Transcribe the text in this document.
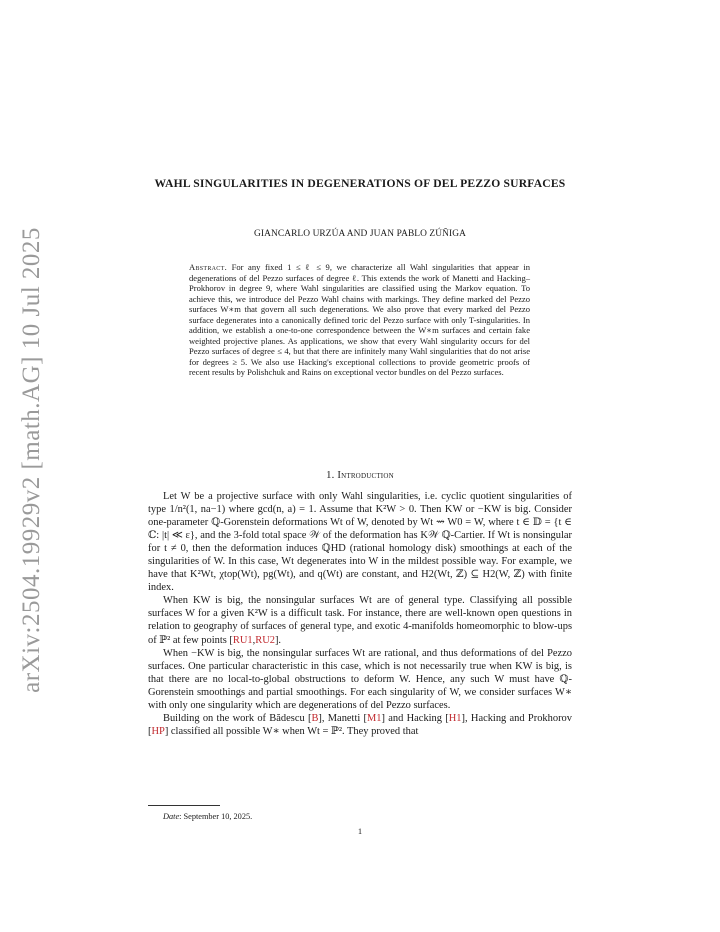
arXiv:2504.19929v2 [math.AG] 10 Jul 2025
WAHL SINGULARITIES IN DEGENERATIONS OF DEL PEZZO SURFACES
GIANCARLO URZÚA AND JUAN PABLO ZÚÑIGA
Abstract. For any fixed 1 ≤ ℓ ≤ 9, we characterize all Wahl singularities that appear in degenerations of del Pezzo surfaces of degree ℓ. This extends the work of Manetti and Hacking–Prokhorov in degree 9, where Wahl singularities are classified using the Markov equation. To achieve this, we introduce del Pezzo Wahl chains with markings. They define marked del Pezzo surfaces W∗m that govern all such degenerations. We also prove that every marked del Pezzo surface degenerates into a canonically defined toric del Pezzo surface with only T-singularities. In addition, we establish a one-to-one correspondence between the W∗m surfaces and certain fake weighted projective planes. As applications, we show that every Wahl singularity occurs for del Pezzo surfaces of degree ≤ 4, but that there are infinitely many Wahl singularities that do not arise for degrees ≥ 5. We also use Hacking's exceptional collections to provide geometric proofs of recent results by Polishchuk and Rains on exceptional vector bundles on del Pezzo surfaces.
1. Introduction

Let W be a projective surface with only Wahl singularities, i.e. cyclic quotient singularities of type 1/n²(1, na−1) where gcd(n, a) = 1. Assume that K²W > 0. Then KW or −KW is big. Consider one-parameter ℚ-Gorenstein deformations Wt of W, denoted by Wt ⇝ W0 = W, where t ∈ 𝔻 = {t ∈ ℂ: |t| ≪ ε}, and the 3-fold total space 𝒲 of the deformation has K𝒲 ℚ-Cartier. If Wt is nonsingular for t ≠ 0, then the deformation induces ℚHD (rational homology disk) smoothings at each of the singularities of W. In this case, Wt degenerates into W in the mildest possible way. For example, we have that K²Wt, χtop(Wt), pg(Wt), and q(Wt) are constant, and H2(Wt, ℤ) ⊆ H2(W, ℤ) with finite index.

When KW is big, the nonsingular surfaces Wt are of general type. Classifying all possible surfaces W for a given K²W is a difficult task. For instance, there are well-known open questions in relation to geography of surfaces of general type, and exotic 4-manifolds homeomorphic to blow-ups of ℙ² at few points [RU1,RU2].

When −KW is big, the nonsingular surfaces Wt are rational, and thus deformations of del Pezzo surfaces. One particular characteristic in this case, which is not necessarily true when KW is big, is that there are no local-to-global obstructions to deform W. Hence, any such W must have ℚ-Gorenstein smoothings and partial smoothings. For each singularity of W, we consider surfaces W∗ with only one singularity which are degenerations of del Pezzo surfaces.

Building on the work of Bădescu [B], Manetti [M1] and Hacking [H1], Hacking and Prokhorov [HP] classified all possible W∗ when Wt = ℙ². They proved that

Date: September 10, 2025.
1
